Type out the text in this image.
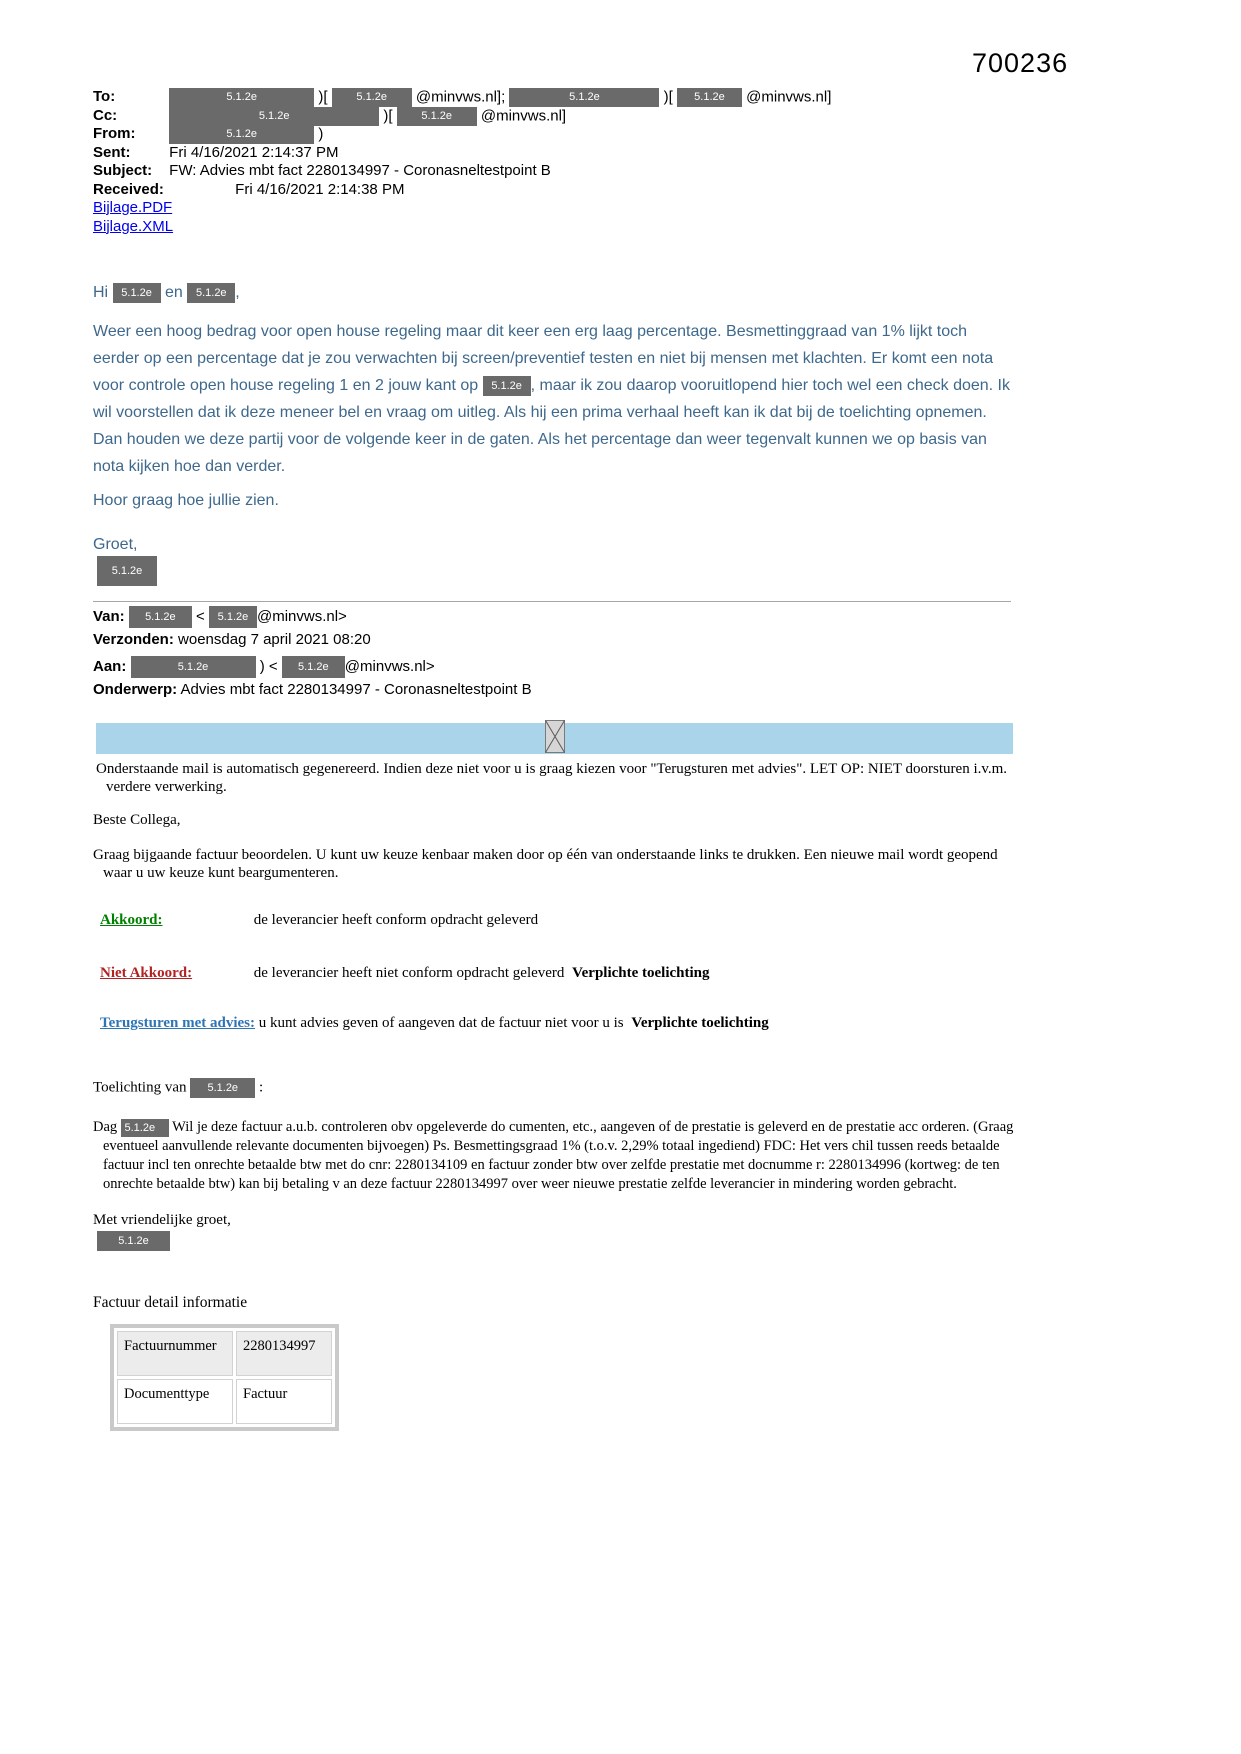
700236
To:	5.1.2e	)[	5.1.2e @minvws.nl];	5.1.2e	)[ 5.1.2e @minvws.nl]
Cc:	5.1.2e	)[	5.1.2e @minvws.nl]
From:	5.1.2e	)
Sent:	Fri 4/16/2021 2:14:37 PM
Subject: FW: Advies mbt fact 2280134997 - Coronasneltestpoint B
Received:	Fri 4/16/2021 2:14:38 PM
Bijlage.PDF
Bijlage.XML
Hi 5.1.2e en 5.1.2e ,
Weer een hoog bedrag voor open house regeling maar dit keer een erg laag percentage. Besmettinggraad van 1% lijkt toch eerder op een percentage dat je zou verwachten bij screen/preventief testen en niet bij mensen met klachten. Er komt een nota voor controle open house regeling 1 en 2 jouw kant op 5.1.2e , maar ik zou daarop vooruitlopend hier toch wel een check doen. Ik wil voorstellen dat ik deze meneer bel en vraag om uitleg. Als hij een prima verhaal heeft kan ik dat bij de toelichting opnemen. Dan houden we deze partij voor de volgende keer in de gaten. Als het percentage dan weer tegenvalt kunnen we op basis van nota kijken hoe dan verder.
Hoor graag hoe jullie zien.
Groet,
5.1.2e
Van: 5.1.2e < 5.1.2e @minvws.nl>
Verzonden: woensdag 7 april 2021 08:20
Aan:	5.1.2e	) < 5.1.2e @minvws.nl>
Onderwerp: Advies mbt fact 2280134997 - Coronasneltestpoint B
Onderstaande mail is automatisch gegenereerd. Indien deze niet voor u is graag kiezen voor "Terugsturen met advies". LET OP: NIET doorsturen i.v.m. verdere verwerking.
Beste Collega,
Graag bijgaande factuur beoordelen. U kunt uw keuze kenbaar maken door op één van onderstaande links te drukken. Een nieuwe mail wordt geopend waar u uw keuze kunt beargumenteren.
Akkoord:	de leverancier heeft conform opdracht geleverd
Niet Akkoord:	de leverancier heeft niet conform opdracht geleverd Verplichte toelichting
Terugsturen met advies: u kunt advies geven of aangeven dat de factuur niet voor u is Verplichte toelichting
Toelichting van 5.1.2e :
Dag 5.1.2e Wil je deze factuur a.u.b. controleren obv opgeleverde do cumenten, etc., aangeven of de prestatie is geleverd en de prestatie acc orderen. (Graag eventueel aanvullende relevante documenten bijvoegen) Ps. Besmettingsgraad 1% (t.o.v. 2,29% totaal ingediend) FDC: Het vers chil tussen reeds betaalde factuur incl ten onrechte betaalde btw met do cnr: 2280134109 en factuur zonder btw over zelfde prestatie met docnumme r: 2280134996 (kortweg: de ten onrechte betaalde btw) kan bij betaling v an deze factuur 2280134997 over weer nieuwe prestatie zelfde leverancier in mindering worden gebracht.
Met vriendelijke groet,
5.1.2e
Factuur detail informatie
Factuurnummer	2280134997
Documenttype	Factuur
